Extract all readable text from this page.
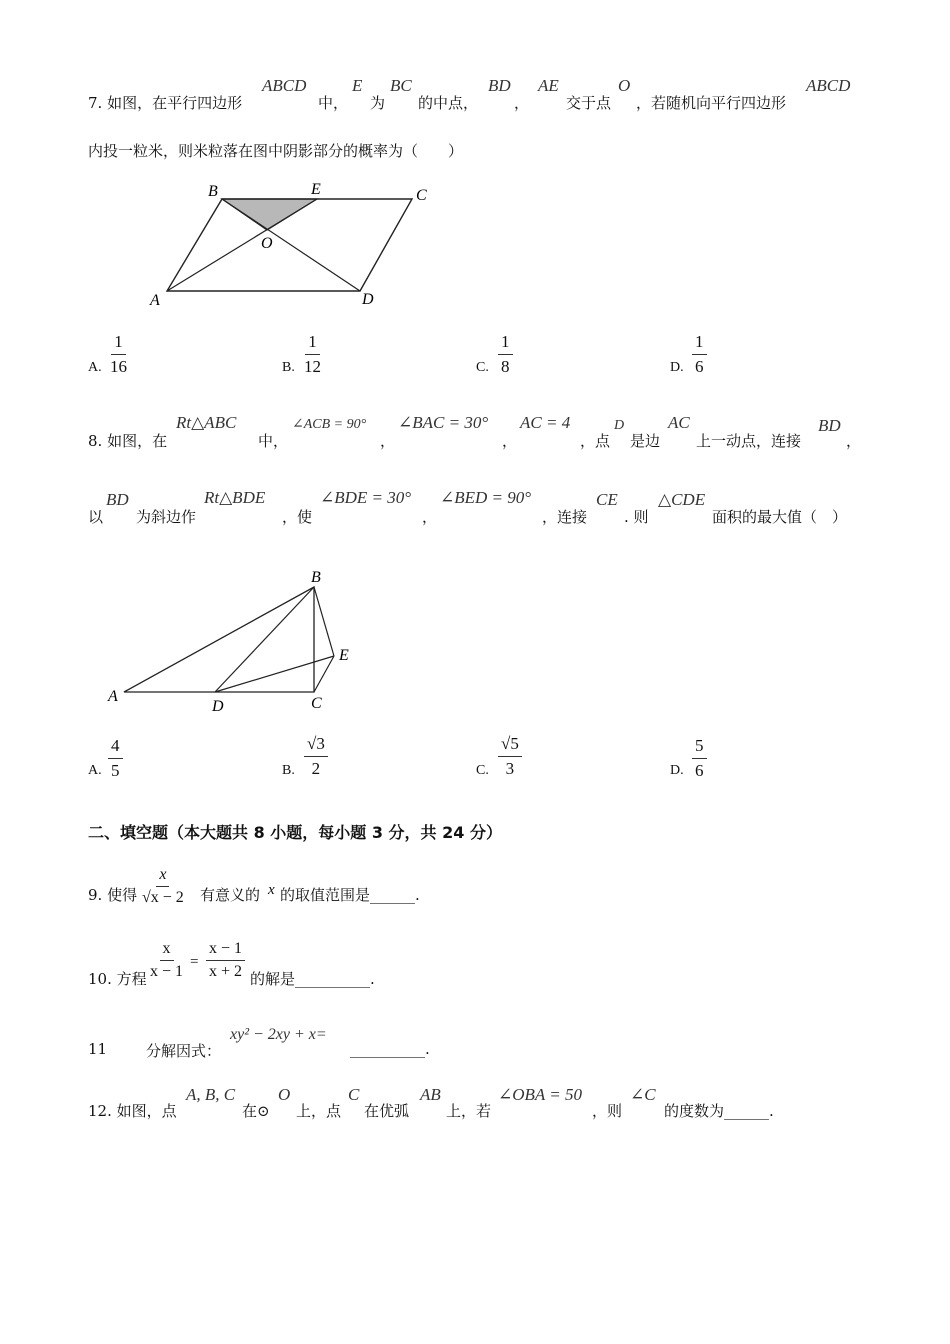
7. 如图，在平行四边形
ABCD
中，
E
为
BC
的中点，
BD
，
AE
交于点
O
，若随机向平行四边形
ABCD
内投一粒米，则米粒落在图中阴影部分的概率为（　　）
B	E	C
O
A	D
A. $\frac{1}{16}$	B. $\frac{1}{12}$	C. $\frac{1}{8}$	D. $\frac{1}{6}$
8. 如图，在
Rt△ABC
中，
∠ACB = 90°
，
∠BAC = 30°
，
AC = 4
，点
D
是边
AC
上一动点，连接
BD
，
以
BD
为斜边作
Rt△BDE
，使
∠BDE = 30°
，
∠BED = 90°
，连接
CE
. 则
△CDE
面积的最大值（　）
B
E
A
D	C
A. $\frac{4}{5}$	B. $\frac{√3}{2}$	C. $\frac{√5}{3}$	D. $\frac{5}{6}$
二、填空题（本大题共 8 小题，每小题 3 分，共 24 分）
9. 使得 $\frac{x}{√x - 2}$ 有意义的 x 的取值范围是______.
10. 方程 $\frac{x}{x - 1} = \frac{x - 1}{x + 2}$ 的解是__________.
11	分解因式：
xy² − 2xy + x=
__________.
12. 如图，点
A, B, C
在⊙
O
上，点
C
在优弧
AB
上，若
∠OBA = 50
，则
∠C
的度数为______.
